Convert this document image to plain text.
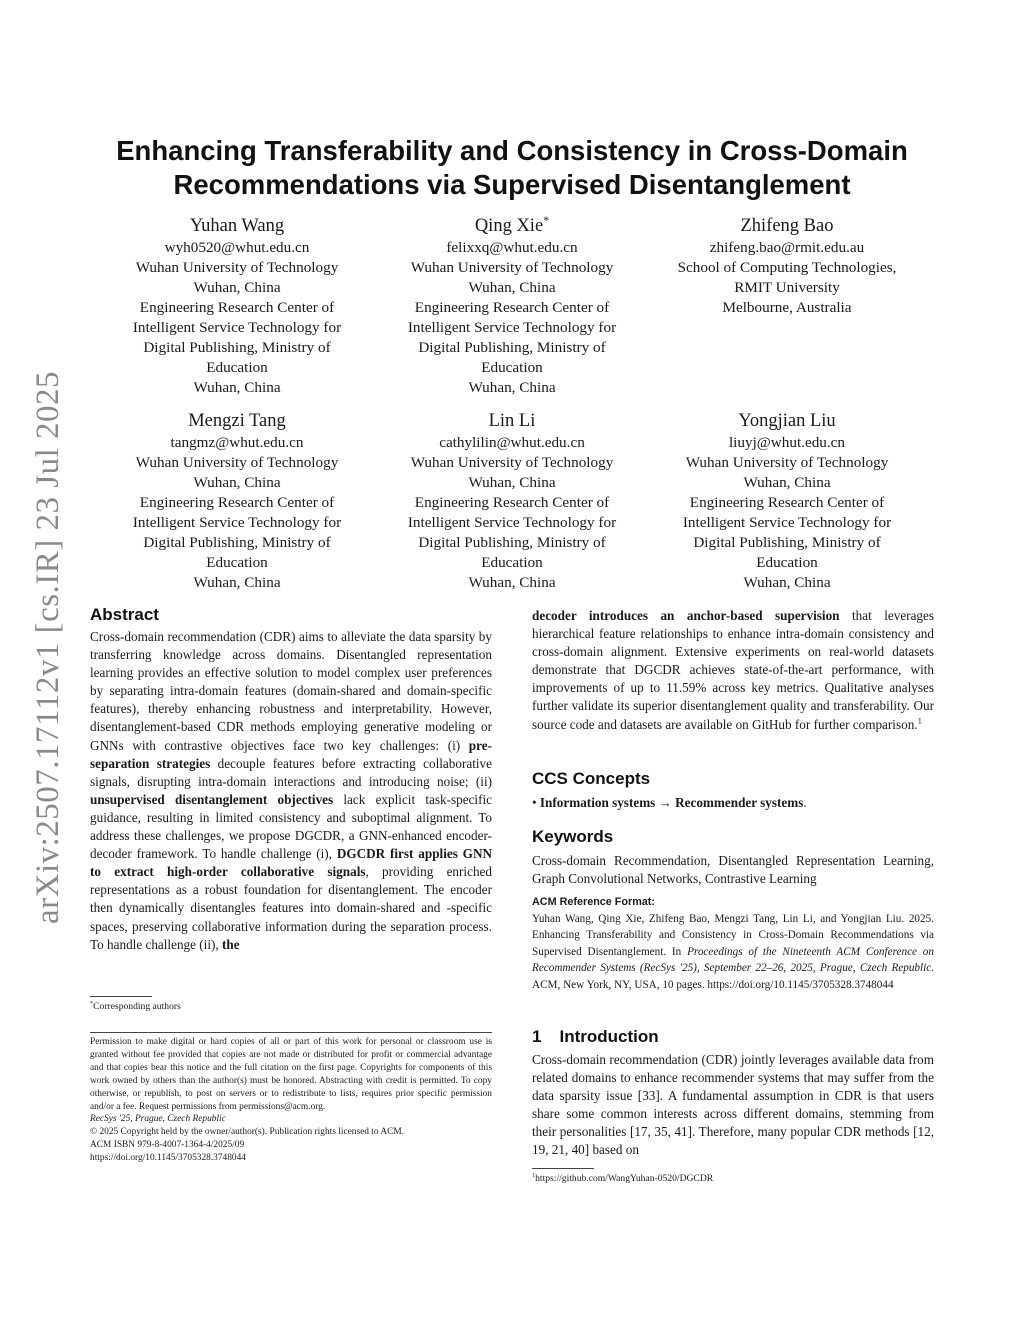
arXiv:2507.17112v1 [cs.IR] 23 Jul 2025
Enhancing Transferability and Consistency in Cross-Domain
Recommendations via Supervised Disentanglement
Yuhan Wang
wyh0520@whut.edu.cn
Wuhan University of Technology
Wuhan, China
Engineering Research Center of
Intelligent Service Technology for
Digital Publishing, Ministry of
Education
Wuhan, China
Qing Xie*
felixxq@whut.edu.cn
Wuhan University of Technology
Wuhan, China
Engineering Research Center of
Intelligent Service Technology for
Digital Publishing, Ministry of
Education
Wuhan, China
Zhifeng Bao
zhifeng.bao@rmit.edu.au
School of Computing Technologies,
RMIT University
Melbourne, Australia
Mengzi Tang
tangmz@whut.edu.cn
Wuhan University of Technology
Wuhan, China
Engineering Research Center of
Intelligent Service Technology for
Digital Publishing, Ministry of
Education
Wuhan, China
Lin Li
cathylilin@whut.edu.cn
Wuhan University of Technology
Wuhan, China
Engineering Research Center of
Intelligent Service Technology for
Digital Publishing, Ministry of
Education
Wuhan, China
Yongjian Liu
liuyj@whut.edu.cn
Wuhan University of Technology
Wuhan, China
Engineering Research Center of
Intelligent Service Technology for
Digital Publishing, Ministry of
Education
Wuhan, China
Abstract

Cross-domain recommendation (CDR) aims to alleviate the data sparsity by transferring knowledge across domains. Disentangled representation learning provides an effective solution to model complex user preferences by separating intra-domain features (domain-shared and domain-specific features), thereby enhancing robustness and interpretability. However, disentanglement-based CDR methods employing generative modeling or GNNs with contrastive objectives face two key challenges: (i) pre-separation strategies decouple features before extracting collaborative signals, disrupting intra-domain interactions and introducing noise; (ii) unsupervised disentanglement objectives lack explicit task-specific guidance, resulting in limited consistency and suboptimal alignment. To address these challenges, we propose DGCDR, a GNN-enhanced encoder-decoder framework. To handle challenge (i), DGCDR first applies GNN to extract high-order collaborative signals, providing enriched representations as a robust foundation for disentanglement. The encoder then dynamically disentangles features into domain-shared and -specific spaces, preserving collaborative information during the separation process. To handle challenge (ii), the

*Corresponding authors
Permission to make digital or hard copies of all or part of this work for personal or classroom use is granted without fee provided that copies are not made or distributed for profit or commercial advantage and that copies bear this notice and the full citation on the first page. Copyrights for components of this work owned by others than the author(s) must be honored. Abstracting with credit is permitted. To copy otherwise, or republish, to post on servers or to redistribute to lists, requires prior specific permission and/or a fee. Request permissions from permissions@acm.org.
RecSys '25, Prague, Czech Republic
© 2025 Copyright held by the owner/author(s). Publication rights licensed to ACM.
ACM ISBN 979-8-4007-1364-4/2025/09
https://doi.org/10.1145/3705328.3748044

decoder introduces an anchor-based supervision that leverages hierarchical feature relationships to enhance intra-domain consistency and cross-domain alignment. Extensive experiments on real-world datasets demonstrate that DGCDR achieves state-of-the-art performance, with improvements of up to 11.59% across key metrics. Qualitative analyses further validate its superior disentanglement quality and transferability. Our source code and datasets are available on GitHub for further comparison.$^1$

CCS Concepts
• Information systems → Recommender systems.
Keywords
Cross-domain Recommendation, Disentangled Representation Learning, Graph Convolutional Networks, Contrastive Learning
ACM Reference Format:
Yuhan Wang, Qing Xie, Zhifeng Bao, Mengzi Tang, Lin Li, and Yongjian Liu. 2025. Enhancing Transferability and Consistency in Cross-Domain Recommendations via Supervised Disentanglement. In Proceedings of the Nineteenth ACM Conference on Recommender Systems (RecSys '25), September 22–26, 2025, Prague, Czech Republic. ACM, New York, NY, USA, 10 pages. https://doi.org/10.1145/3705328.3748044
1 Introduction
Cross-domain recommendation (CDR) jointly leverages available data from related domains to enhance recommender systems that may suffer from the data sparsity issue [33]. A fundamental assumption in CDR is that users share some common interests across different domains, stemming from their personalities [17, 35, 41]. Therefore, many popular CDR methods [12, 19, 21, 40] based on
$^1$https://github.com/WangYuhan-0520/DGCDR
